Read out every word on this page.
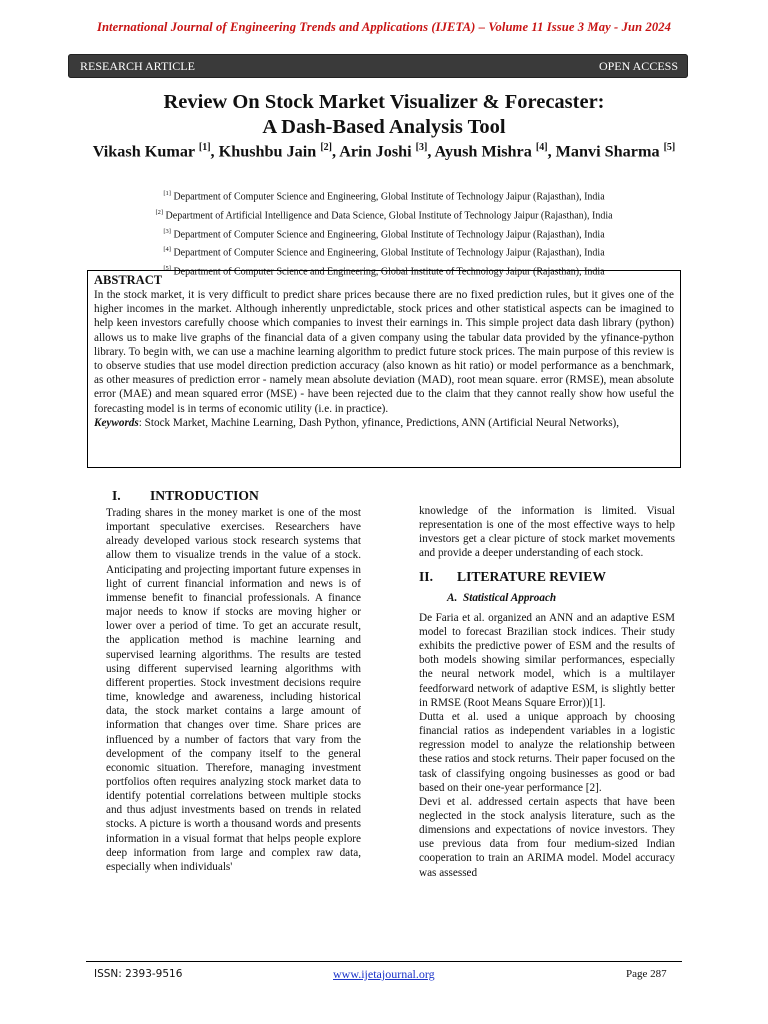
International Journal of Engineering Trends and Applications (IJETA) – Volume 11 Issue 3 May - Jun 2024
RESEARCH ARTICLE	OPEN ACCESS
Review On Stock Market Visualizer & Forecaster:
A Dash-Based Analysis Tool
Vikash Kumar [1], Khushbu Jain [2], Arin Joshi [3], Ayush Mishra [4], Manvi Sharma [5]
[1] Department of Computer Science and Engineering, Global Institute of Technology Jaipur (Rajasthan), India
[2] Department of Artificial Intelligence and Data Science, Global Institute of Technology Jaipur (Rajasthan), India
[3] Department of Computer Science and Engineering, Global Institute of Technology Jaipur (Rajasthan), India
[4] Department of Computer Science and Engineering, Global Institute of Technology Jaipur (Rajasthan), India
[5] Department of Computer Science and Engineering, Global Institute of Technology Jaipur (Rajasthan), India
ABSTRACT

In the stock market, it is very difficult to predict share prices because there are no fixed prediction rules, but it gives one of the higher incomes in the market. Although inherently unpredictable, stock prices and other statistical aspects can be imagined to help keen investors carefully choose which companies to invest their earnings in. This simple project data dash library (python) allows us to make live graphs of the financial data of a given company using the tabular data provided by the yfinance-python library. To begin with, we can use a machine learning algorithm to predict future stock prices. The main purpose of this review is to observe studies that use model direction prediction accuracy (also known as hit ratio) or model performance as a benchmark, as other measures of prediction error - namely mean absolute deviation (MAD), root mean square. error (RMSE), mean absolute error (MAE) and mean squared error (MSE) - have been rejected due to the claim that they cannot really show how useful the forecasting model is in terms of economic utility (i.e. in practice).

Keywords: Stock Market, Machine Learning, Dash Python, yfinance, Predictions, ANN (Artificial Neural Networks),

I. INTRODUCTION

Trading shares in the money market is one of the most important speculative exercises. Researchers have already developed various stock research systems that allow them to visualize trends in the value of a stock. Anticipating and projecting important future expenses in light of current financial information and news is of immense benefit to financial professionals. A finance major needs to know if stocks are moving higher or lower over a period of time. To get an accurate result, the application method is machine learning and supervised learning algorithms. The results are tested using different supervised learning algorithms with different properties. Stock investment decisions require time, knowledge and awareness, including historical data, the stock market contains a large amount of information that changes over time. Share prices are influenced by a number of factors that vary from the development of the company itself to the general economic situation. Therefore, managing investment portfolios often requires analyzing stock market data to identify potential correlations between multiple stocks and thus adjust investments based on trends in related stocks. A picture is worth a thousand words and presents information in a visual format that helps people explore deep information from large and complex raw data, especially when individuals'

knowledge of the information is limited. Visual representation is one of the most effective ways to help investors get a clear picture of stock market movements and provide a deeper understanding of each stock.

II. LITERATURE REVIEW
A. Statistical Approach

De Faria et al. organized an ANN and an adaptive ESM model to forecast Brazilian stock indices. Their study exhibits the predictive power of ESM and the results of both models showing similar performances, especially the neural network model, which is a multilayer feedforward network of adaptive ESM, is slightly better in RMSE (Root Means Square Error))[1].

Dutta et al. used a unique approach by choosing financial ratios as independent variables in a logistic regression model to analyze the relationship between these ratios and stock returns. Their paper focused on the task of classifying ongoing businesses as good or bad based on their one-year performance [2].

Devi et al. addressed certain aspects that have been neglected in the stock analysis literature, such as the dimensions and expectations of novice investors. They use previous data from four medium-sized Indian cooperation to train an ARIMA model. Model accuracy was assessed

ISSN: 2393-9516	www.ijetajournal.org	Page 287
